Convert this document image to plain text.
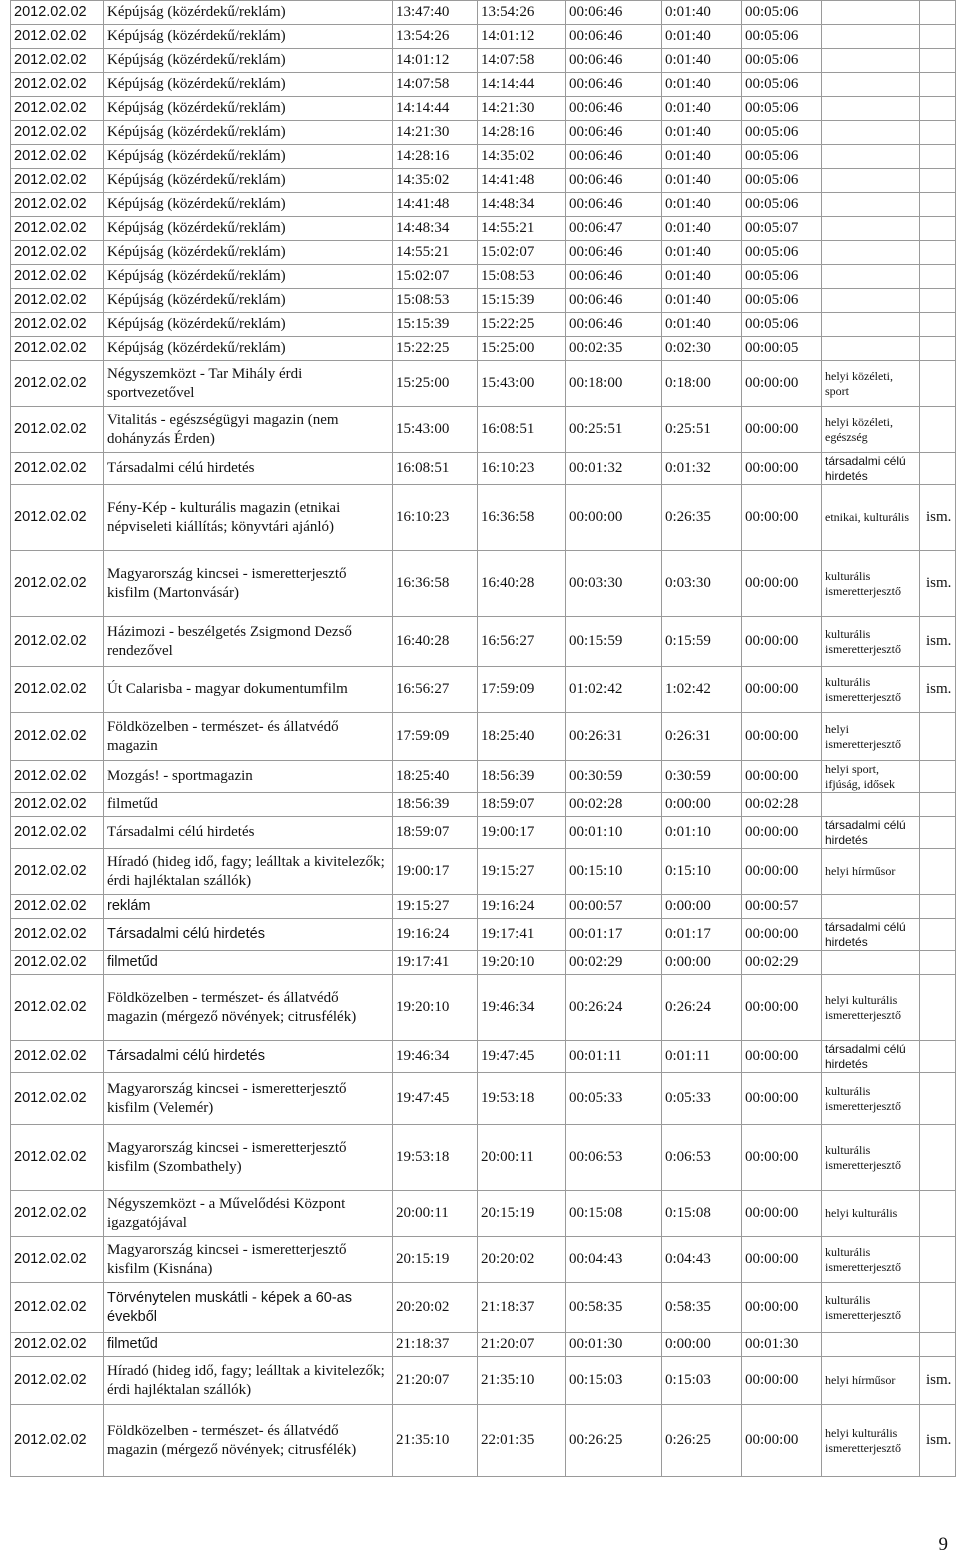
2012.02.02	Képújság (közérdekű/reklám)	13:47:40	13:54:26	00:06:46	0:01:40	00:05:06		
2012.02.02	Képújság (közérdekű/reklám)	13:54:26	14:01:12	00:06:46	0:01:40	00:05:06		
2012.02.02	Képújság (közérdekű/reklám)	14:01:12	14:07:58	00:06:46	0:01:40	00:05:06		
2012.02.02	Képújság (közérdekű/reklám)	14:07:58	14:14:44	00:06:46	0:01:40	00:05:06		
2012.02.02	Képújság (közérdekű/reklám)	14:14:44	14:21:30	00:06:46	0:01:40	00:05:06		
2012.02.02	Képújság (közérdekű/reklám)	14:21:30	14:28:16	00:06:46	0:01:40	00:05:06		
2012.02.02	Képújság (közérdekű/reklám)	14:28:16	14:35:02	00:06:46	0:01:40	00:05:06		
2012.02.02	Képújság (közérdekű/reklám)	14:35:02	14:41:48	00:06:46	0:01:40	00:05:06		
2012.02.02	Képújság (közérdekű/reklám)	14:41:48	14:48:34	00:06:46	0:01:40	00:05:06		
2012.02.02	Képújság (közérdekű/reklám)	14:48:34	14:55:21	00:06:47	0:01:40	00:05:07		
2012.02.02	Képújság (közérdekű/reklám)	14:55:21	15:02:07	00:06:46	0:01:40	00:05:06		
2012.02.02	Képújság (közérdekű/reklám)	15:02:07	15:08:53	00:06:46	0:01:40	00:05:06		
2012.02.02	Képújság (közérdekű/reklám)	15:08:53	15:15:39	00:06:46	0:01:40	00:05:06		
2012.02.02	Képújság (közérdekű/reklám)	15:15:39	15:22:25	00:06:46	0:01:40	00:05:06		
2012.02.02	Képújság (közérdekű/reklám)	15:22:25	15:25:00	00:02:35	0:02:30	00:00:05		
2012.02.02	Négyszemközt - Tar Mihály érdi sportvezetővel	15:25:00	15:43:00	00:18:00	0:18:00	00:00:00	helyi közéleti, sport	
2012.02.02	Vitalitás - egészségügyi magazin (nem dohányzás Érden)	15:43:00	16:08:51	00:25:51	0:25:51	00:00:00	helyi közéleti, egészség	
2012.02.02	Társadalmi célú hirdetés	16:08:51	16:10:23	00:01:32	0:01:32	00:00:00	társadalmi célú hirdetés	
2012.02.02	Fény-Kép - kulturális magazin (etnikai népviseleti kiállítás; könyvtári ajánló)	16:10:23	16:36:58	00:00:00	0:26:35	00:00:00	etnikai, kulturális	ism.
2012.02.02	Magyarország kincsei - ismeretterjesztő kisfilm (Martonvásár)	16:36:58	16:40:28	00:03:30	0:03:30	00:00:00	kulturális ismeretterjesztő	ism.
2012.02.02	Házimozi - beszélgetés Zsigmond Dezső rendezővel	16:40:28	16:56:27	00:15:59	0:15:59	00:00:00	kulturális ismeretterjesztő	ism.
2012.02.02	Út Calarisba - magyar dokumentumfilm	16:56:27	17:59:09	01:02:42	1:02:42	00:00:00	kulturális ismeretterjesztő	ism.
2012.02.02	Földközelben - természet- és állatvédő magazin	17:59:09	18:25:40	00:26:31	0:26:31	00:00:00	helyi ismeretterjesztő	
2012.02.02	Mozgás! - sportmagazin	18:25:40	18:56:39	00:30:59	0:30:59	00:00:00	helyi sport, ifjúság, idősek	
2012.02.02	filmetűd	18:56:39	18:59:07	00:02:28	0:00:00	00:02:28		
2012.02.02	Társadalmi célú hirdetés	18:59:07	19:00:17	00:01:10	0:01:10	00:00:00	társadalmi célú hirdetés	
2012.02.02	Híradó (hideg idő, fagy; leálltak a kivitelezők; érdi hajléktalan szállók)	19:00:17	19:15:27	00:15:10	0:15:10	00:00:00	helyi hírműsor	
2012.02.02	reklám	19:15:27	19:16:24	00:00:57	0:00:00	00:00:57		
2012.02.02	Társadalmi célú hirdetés	19:16:24	19:17:41	00:01:17	0:01:17	00:00:00	társadalmi célú hirdetés	
2012.02.02	filmetűd	19:17:41	19:20:10	00:02:29	0:00:00	00:02:29		
2012.02.02	Földközelben - természet- és állatvédő magazin (mérgező növények; citrusfélék)	19:20:10	19:46:34	00:26:24	0:26:24	00:00:00	helyi kulturális ismeretterjesztő	
2012.02.02	Társadalmi célú hirdetés	19:46:34	19:47:45	00:01:11	0:01:11	00:00:00	társadalmi célú hirdetés	
2012.02.02	Magyarország kincsei - ismeretterjesztő kisfilm (Velemér)	19:47:45	19:53:18	00:05:33	0:05:33	00:00:00	kulturális ismeretterjesztő	
2012.02.02	Magyarország kincsei - ismeretterjesztő kisfilm (Szombathely)	19:53:18	20:00:11	00:06:53	0:06:53	00:00:00	kulturális ismeretterjesztő	
2012.02.02	Négyszemközt - a Művelődési Központ igazgatójával	20:00:11	20:15:19	00:15:08	0:15:08	00:00:00	helyi kulturális	
2012.02.02	Magyarország kincsei - ismeretterjesztő kisfilm (Kisnána)	20:15:19	20:20:02	00:04:43	0:04:43	00:00:00	kulturális ismeretterjesztő	
2012.02.02	Törvénytelen muskátli - képek a 60-as évekből	20:20:02	21:18:37	00:58:35	0:58:35	00:00:00	kulturális ismeretterjesztő	
2012.02.02	filmetűd	21:18:37	21:20:07	00:01:30	0:00:00	00:01:30		
2012.02.02	Híradó (hideg idő, fagy; leálltak a kivitelezők; érdi hajléktalan szállók)	21:20:07	21:35:10	00:15:03	0:15:03	00:00:00	helyi hírműsor	ism.
2012.02.02	Földközelben - természet- és állatvédő magazin (mérgező növények; citrusfélék)	21:35:10	22:01:35	00:26:25	0:26:25	00:00:00	helyi kulturális ismeretterjesztő	ism.
9
